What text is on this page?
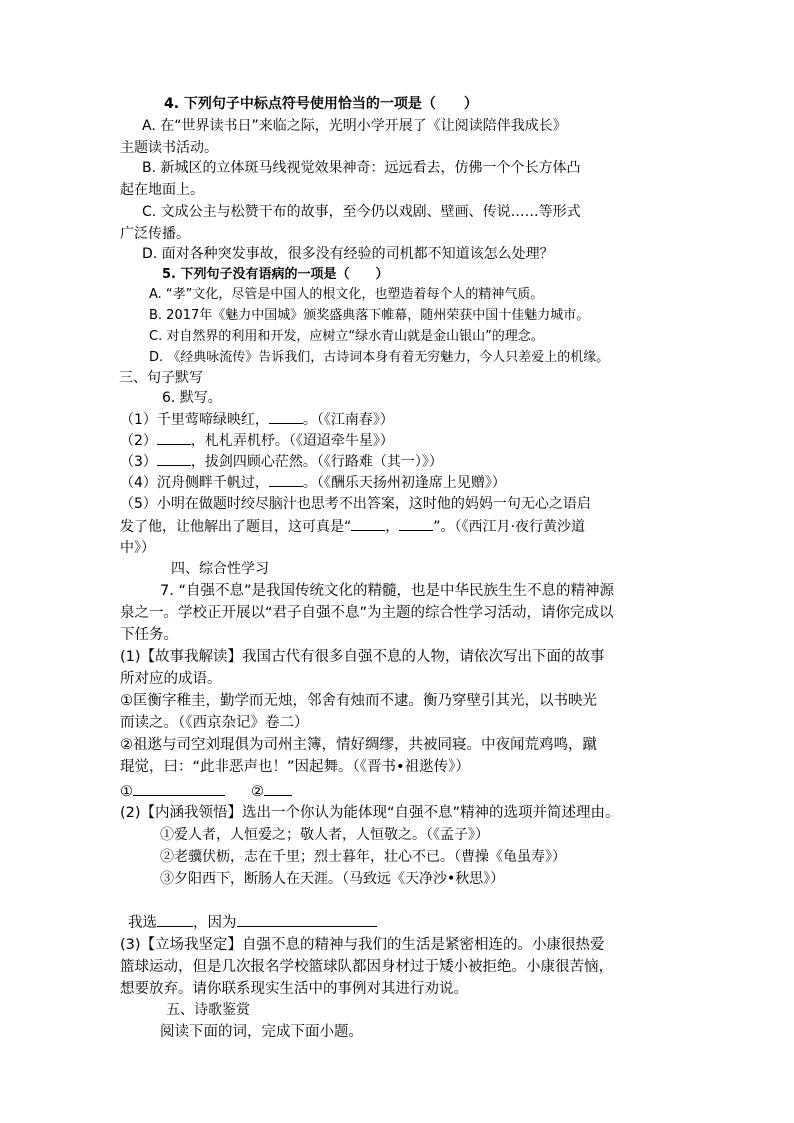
4. 下列句子中标点符号使用恰当的一项是（　　）
A. 在“世界读书日”来临之际，光明小学开展了《让阅读陪伴我成长》
主题读书活动。
B. 新城区的立体斑马线视觉效果神奇：远远看去，仿佛一个个长方体凸
起在地面上。
C. 文成公主与松赞干布的故事，至今仍以戏剧、壁画、传说……等形式
广泛传播。
D. 面对各种突发事故，很多没有经验的司机都不知道该怎么处理？
5. 下列句子没有语病的一项是（　　）
A. “孝”文化，尽管是中国人的根文化，也塑造着每个人的精神气质。
B. 2017年《魅力中国城》颁奖盛典落下帷幕，随州荣获中国十佳魅力城市。
C. 对自然界的利用和开发，应树立“绿水青山就是金山银山”的理念。
D. 《经典咏流传》告诉我们，古诗词本身有着无穷魅力，今人只差爱上的机缘。
三、句子默写
6. 默写。
（1）千里莺啼绿映红， 。（《江南春》）
（2） ，札札弄机杼。（《迢迢牵牛星》）
（3） ，拔剑四顾心茫然。（《行路难（其一）》）
（4）沉舟侧畔千帆过， 。（《酬乐天扬州初逢席上见赠》）
（5）小明在做题时绞尽脑汁也思考不出答案，这时他的妈妈一句无心之语启
发了他，让他解出了题目，这可真是“ ， ”。（《西江月·夜行黄沙道
中》）
四、综合性学习
7. “自强不息”是我国传统文化的精髓，也是中华民族生生不息的精神源
泉之一。学校正开展以“君子自强不息”为主题的综合性学习活动，请你完成以
下任务。
(1)【故事我解读】我国古代有很多自强不息的人物，请依次写出下面的故事
所对应的成语。
①匡衡字稚圭，勤学而无烛，邻舍有烛而不逮。衡乃穿壁引其光，以书映光
而读之。（《西京杂记》卷二）
②祖逖与司空刘琨俱为司州主簿，情好绸缪，共被同寝。中夜闻荒鸡鸣，蹴
琨觉，曰：“此非恶声也！”因起舞。（《晋书•祖逖传》）
①	②
(2)【内涵我领悟】选出一个你认为能体现“自强不息”精神的选项并简述理由。
①爱人者，人恒爱之；敬人者，人恒敬之。（《孟子》）
②老骥伏枥，志在千里；烈士暮年，壮心不已。（曹操《龟虽寿》）
③夕阳西下，断肠人在天涯。（马致远《天净沙•秋思》）
我选 ，因为
(3)【立场我坚定】自强不息的精神与我们的生活是紧密相连的。小康很热爱
篮球运动，但是几次报名学校篮球队都因身材过于矮小被拒绝。小康很苦恼，
想要放弃。请你联系现实生活中的事例对其进行劝说。
五、诗歌鉴赏
阅读下面的词，完成下面小题。
